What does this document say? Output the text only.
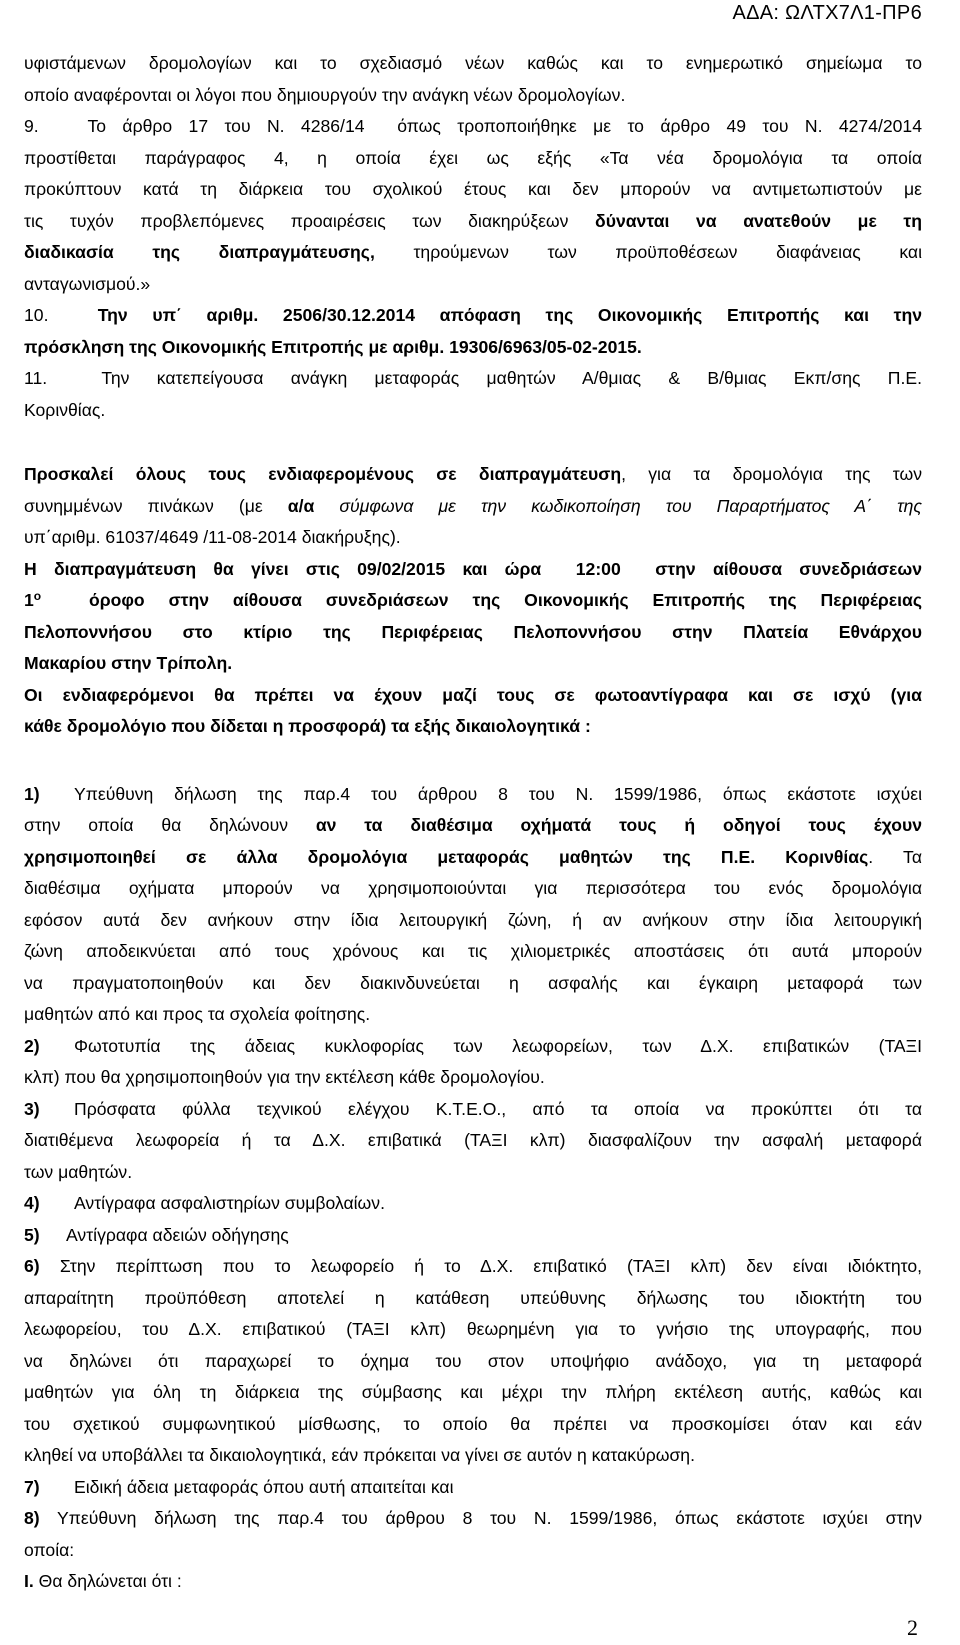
ΑΔΑ: ΩΛΤΧ7Λ1-ΠΡ6
υφιστάμενων δρομολογίων και το σχεδιασμό νέων καθώς και το ενημερωτικό σημείωμα το
οποίο αναφέρονται οι λόγοι που δημιουργούν την ανάγκη νέων δρομολογίων.
9.   Το άρθρο 17 του Ν. 4286/14  όπως τροποποιήθηκε με το άρθρο 49 του Ν. 4274/2014
προστίθεται παράγραφος 4, η οποία έχει ως εξής «Τα νέα δρομολόγια τα οποία
προκύπτουν κατά τη διάρκεια του σχολικού έτους και δεν μπορούν να αντιμετωπιστούν με
τις τυχόν προβλεπόμενες προαιρέσεις των διακηρύξεων δύνανται να ανατεθούν με τη
διαδικασία της διαπραγμάτευσης, τηρούμενων των προϋποθέσεων διαφάνειας και
ανταγωνισμού.»
10.  Την υπ΄ αριθμ. 2506/30.12.2014 απόφαση της Οικονομικής Επιτροπής και την
πρόσκληση της Οικονομικής Επιτροπής με αριθμ. 19306/6963/05-02-2015.
11.  Την κατεπείγουσα ανάγκη μεταφοράς μαθητών Α/θμιας & Β/θμιας Εκπ/σης Π.Ε.
Κορινθίας.
Προσκαλεί όλους τους ενδιαφερομένους σε διαπραγμάτευση, για τα δρομολόγια της των
συνημμένων πινάκων (με α/α σύμφωνα με την κωδικοποίηση του Παραρτήματος Α΄ της
υπ΄αριθμ. 61037/4649 /11-08-2014 διακήρυξης).
Η διαπραγμάτευση θα γίνει στις 09/02/2015 και ώρα  12:00  στην αίθουσα συνεδριάσεων
$1^o$  όροφο στην αίθουσα συνεδριάσεων της Οικονομικής Επιτροπής της Περιφέρειας
Πελοποννήσου στο κτίριο της Περιφέρειας Πελοποννήσου στην Πλατεία Εθνάρχου
Μακαρίου στην Τρίπολη.
Οι ενδιαφερόμενοι θα πρέπει να έχουν μαζί τους σε φωτοαντίγραφα και σε ισχύ (για
κάθε δρομολόγιο που δίδεται η προσφορά) τα εξής δικαιολογητικά :
1) Υπεύθυνη δήλωση της παρ.4 του άρθρου 8 του Ν. 1599/1986, όπως εκάστοτε ισχύει
στην οποία θα δηλώνουν αν τα διαθέσιμα οχήματά τους ή οδηγοί τους έχουν
χρησιμοποιηθεί σε άλλα δρομολόγια μεταφοράς μαθητών της Π.Ε. Κορινθίας. Τα
διαθέσιμα οχήματα μπορούν να χρησιμοποιούνται για περισσότερα του ενός δρομολόγια
εφόσον αυτά δεν ανήκουν στην ίδια λειτουργική ζώνη, ή αν ανήκουν στην ίδια λειτουργική
ζώνη αποδεικνύεται από τους χρόνους και τις χιλιομετρικές αποστάσεις ότι αυτά μπορούν
να πραγματοποιηθούν και δεν διακινδυνεύεται η ασφαλής και έγκαιρη μεταφορά των
μαθητών από και προς τα σχολεία φοίτησης.
2) Φωτοτυπία της άδειας κυκλοφορίας των λεωφορείων, των Δ.Χ. επιβατικών (ΤΑΞΙ
κλπ) που θα χρησιμοποιηθούν για την εκτέλεση κάθε δρομολογίου.
3) Πρόσφατα φύλλα τεχνικού ελέγχου Κ.Τ.Ε.Ο., από τα οποία να προκύπτει ότι τα
διατιθέμενα λεωφορεία ή τα Δ.Χ. επιβατικά (ΤΑΞΙ κλπ) διασφαλίζουν την ασφαλή μεταφορά
των μαθητών.
4) Αντίγραφα ασφαλιστηρίων συμβολαίων.
5) Αντίγραφα αδειών οδήγησης
6) Στην περίπτωση που το λεωφορείο ή το Δ.Χ. επιβατικό (ΤΑΞΙ κλπ) δεν είναι ιδιόκτητο,
απαραίτητη προϋπόθεση αποτελεί η κατάθεση υπεύθυνης δήλωσης του ιδιοκτήτη του
λεωφορείου, του Δ.Χ. επιβατικού (ΤΑΞΙ κλπ) θεωρημένη για το γνήσιο της υπογραφής, που
να δηλώνει ότι παραχωρεί το όχημα του στον υποψήφιο ανάδοχο, για τη μεταφορά
μαθητών για όλη τη διάρκεια της σύμβασης και μέχρι την πλήρη εκτέλεση αυτής, καθώς και
του σχετικού συμφωνητικού μίσθωσης, το οποίο θα πρέπει να προσκομίσει όταν και εάν
κληθεί να υποβάλλει τα δικαιολογητικά, εάν πρόκειται να γίνει σε αυτόν η κατακύρωση.
7) Ειδική άδεια μεταφοράς όπου αυτή απαιτείται και
8) Υπεύθυνη δήλωση της παρ.4 του άρθρου 8 του Ν. 1599/1986, όπως εκάστοτε ισχύει στην
οποία:
Ι. Θα δηλώνεται ότι :
2
